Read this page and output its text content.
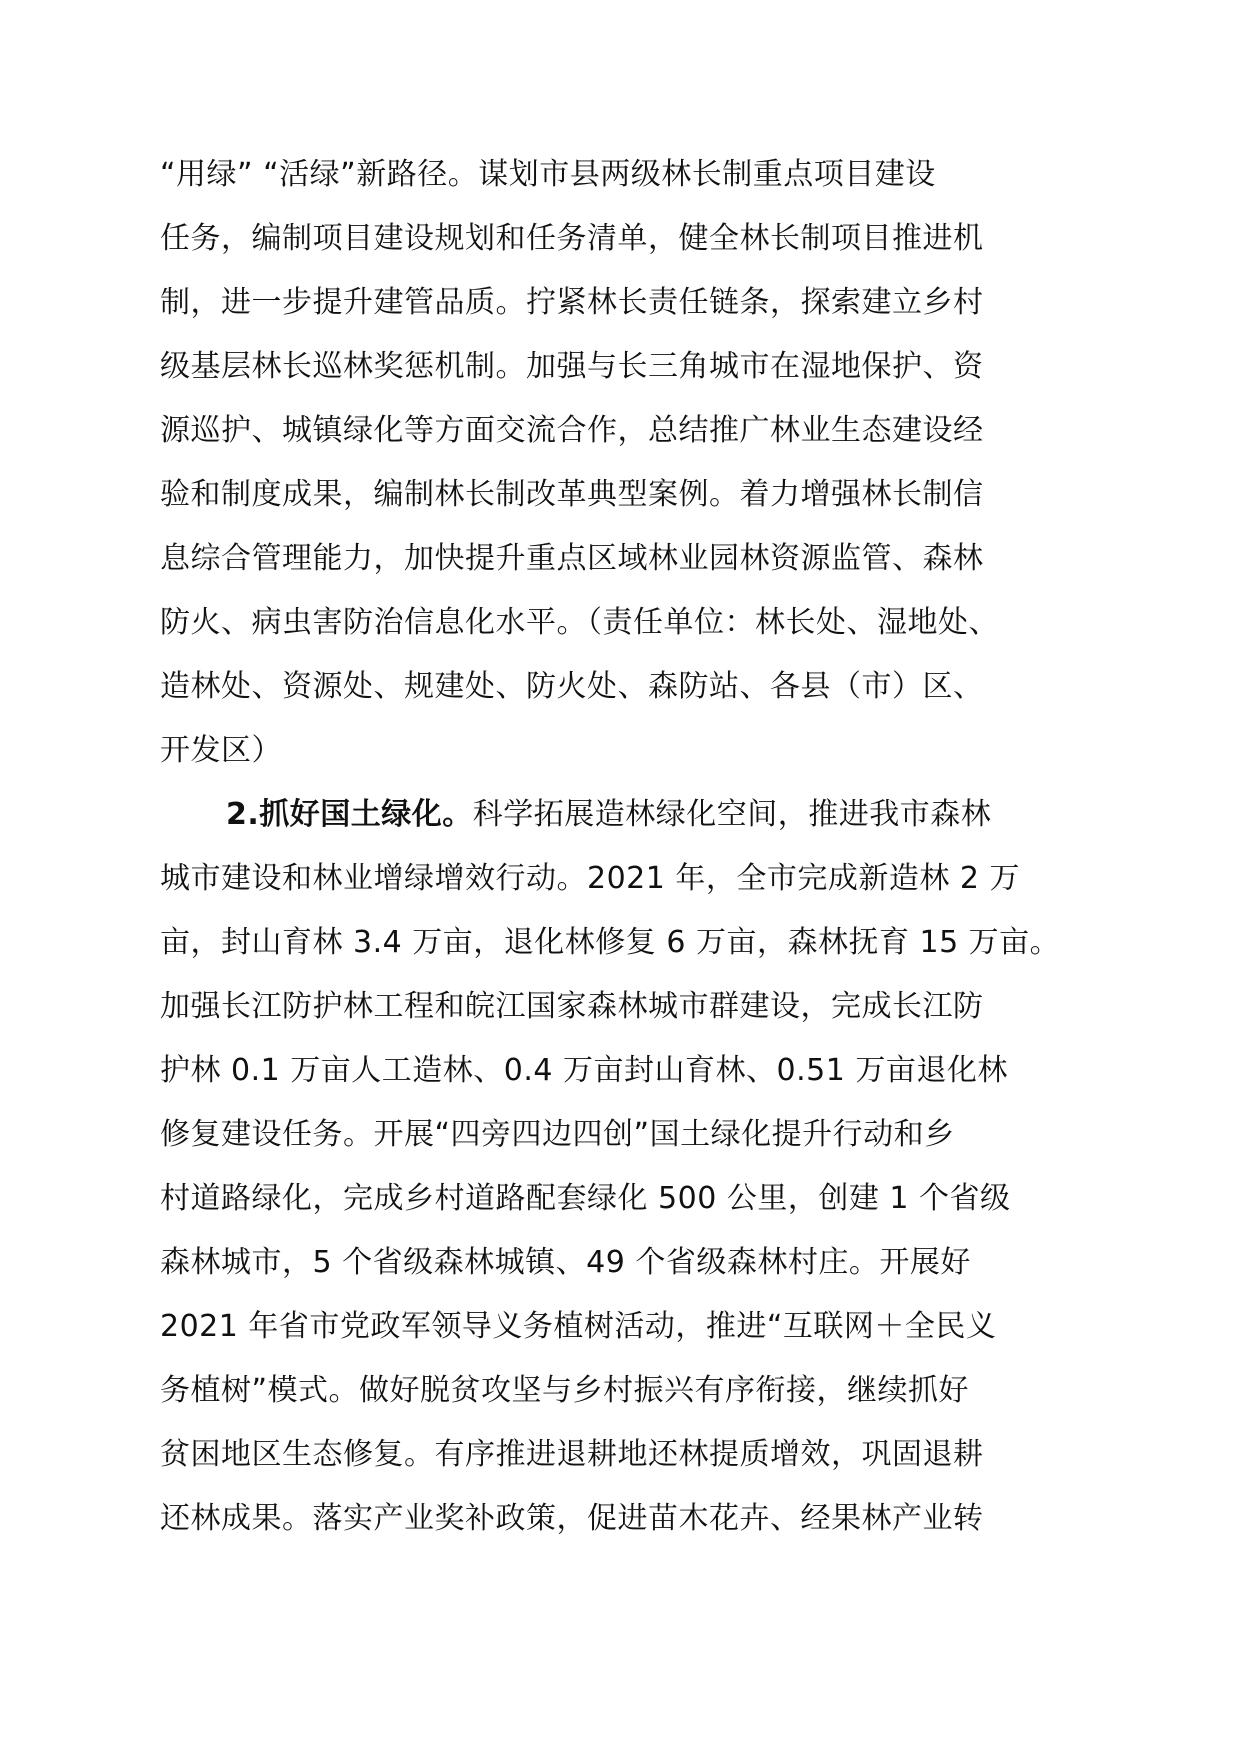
“用绿” “活绿”新路径。谋划市县两级林长制重点项目建设
任务，编制项目建设规划和任务清单，健全林长制项目推进机
制，进一步提升建管品质。拧紧林长责任链条，探索建立乡村
级基层林长巡林奖惩机制。加强与长三角城市在湿地保护、资
源巡护、城镇绿化等方面交流合作，总结推广林业生态建设经
验和制度成果，编制林长制改革典型案例。着力增强林长制信
息综合管理能力，加快提升重点区域林业园林资源监管、森林
防火、病虫害防治信息化水平。（责任单位：林长处、湿地处、
造林处、资源处、规建处、防火处、森防站、各县（市）区、
开发区）
2.抓好国土绿化。科学拓展造林绿化空间，推进我市森林
城市建设和林业增绿增效行动。2021 年，全市完成新造林 2 万
亩，封山育林 3.4 万亩，退化林修复 6 万亩，森林抚育 15 万亩。
加强长江防护林工程和皖江国家森林城市群建设，完成长江防
护林 0.1 万亩人工造林、0.4 万亩封山育林、0.51 万亩退化林
修复建设任务。开展“四旁四边四创”国土绿化提升行动和乡
村道路绿化，完成乡村道路配套绿化 500 公里，创建 1 个省级
森林城市，5 个省级森林城镇、49 个省级森林村庄。开展好
2021 年省市党政军领导义务植树活动，推进“互联网＋全民义
务植树”模式。做好脱贫攻坚与乡村振兴有序衔接，继续抓好
贫困地区生态修复。有序推进退耕地还林提质增效，巩固退耕
还林成果。落实产业奖补政策，促进苗木花卉、经果林产业转
